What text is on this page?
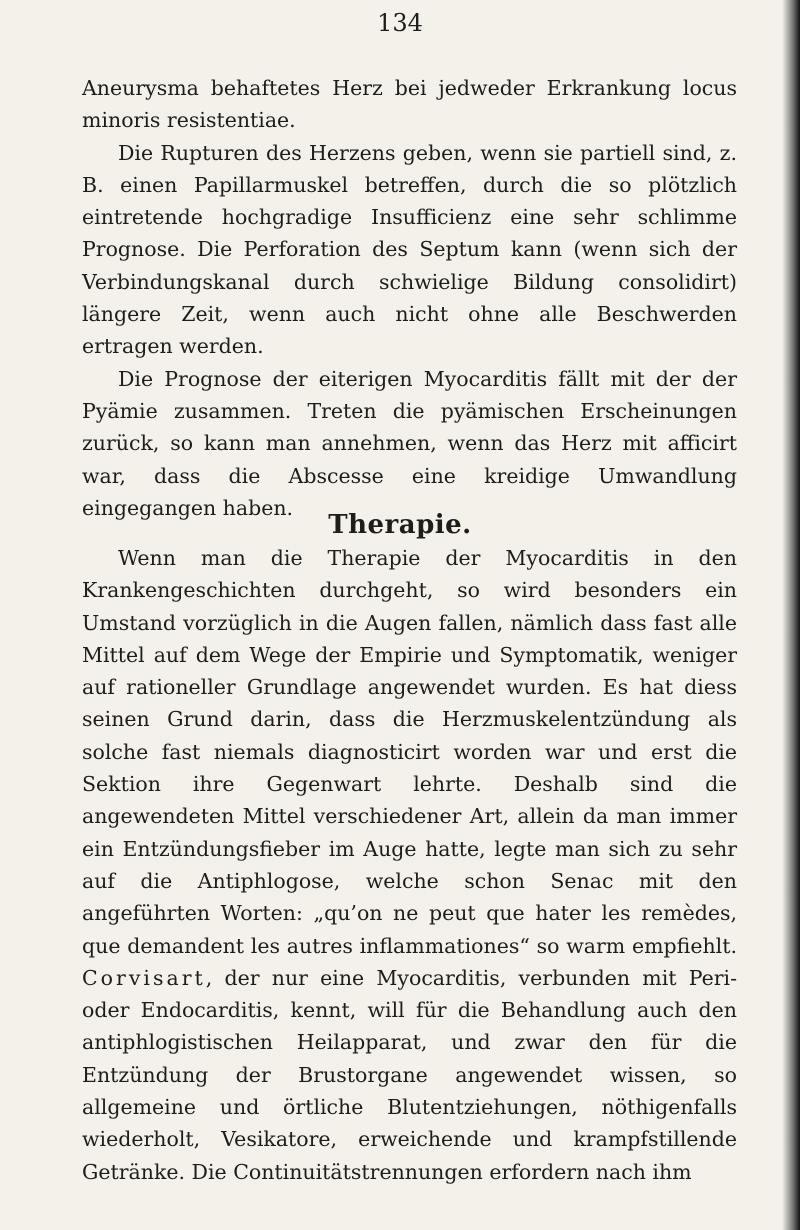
134

Aneurysma behaftetes Herz bei jedweder Erkrankung locus minoris resistentiae.

Die Rupturen des Herzens geben, wenn sie partiell sind, z. B. einen Papillarmuskel betreffen, durch die so plötzlich eintretende hochgradige Insufficienz eine sehr schlimme Prognose. Die Perforation des Septum kann (wenn sich der Verbindungskanal durch schwielige Bildung consolidirt) längere Zeit, wenn auch nicht ohne alle Beschwerden ertragen werden.

Die Prognose der eiterigen Myocarditis fällt mit der der Pyämie zusammen. Treten die pyämischen Erscheinungen zurück, so kann man annehmen, wenn das Herz mit afficirt war, dass die Abscesse eine kreidige Umwandlung eingegangen haben.

Therapie.

Wenn man die Therapie der Myocarditis in den Krankengeschichten durchgeht, so wird besonders ein Umstand vorzüglich in die Augen fallen, nämlich dass fast alle Mittel auf dem Wege der Empirie und Symptomatik, weniger auf rationeller Grundlage angewendet wurden. Es hat diess seinen Grund darin, dass die Herzmuskelentzündung als solche fast niemals diagnosticirt worden war und erst die Sektion ihre Gegenwart lehrte. Deshalb sind die angewendeten Mittel verschiedener Art, allein da man immer ein Entzündungsfieber im Auge hatte, legte man sich zu sehr auf die Antiphlogose, welche schon Senac mit den angeführten Worten: „qu’on ne peut que hater les remèdes, que demandent les autres inflammationes“ so warm empfiehlt. Corvisart, der nur eine Myocarditis, verbunden mit Peri- oder Endocarditis, kennt, will für die Behandlung auch den antiphlogistischen Heilapparat, und zwar den für die Entzündung der Brustorgane angewendet wissen, so allgemeine und örtliche Blutentziehungen, nöthigenfalls wiederholt, Vesikatore, erweichende und krampfstillende Getränke. Die Continuitätstrennungen erfordern nach ihm
